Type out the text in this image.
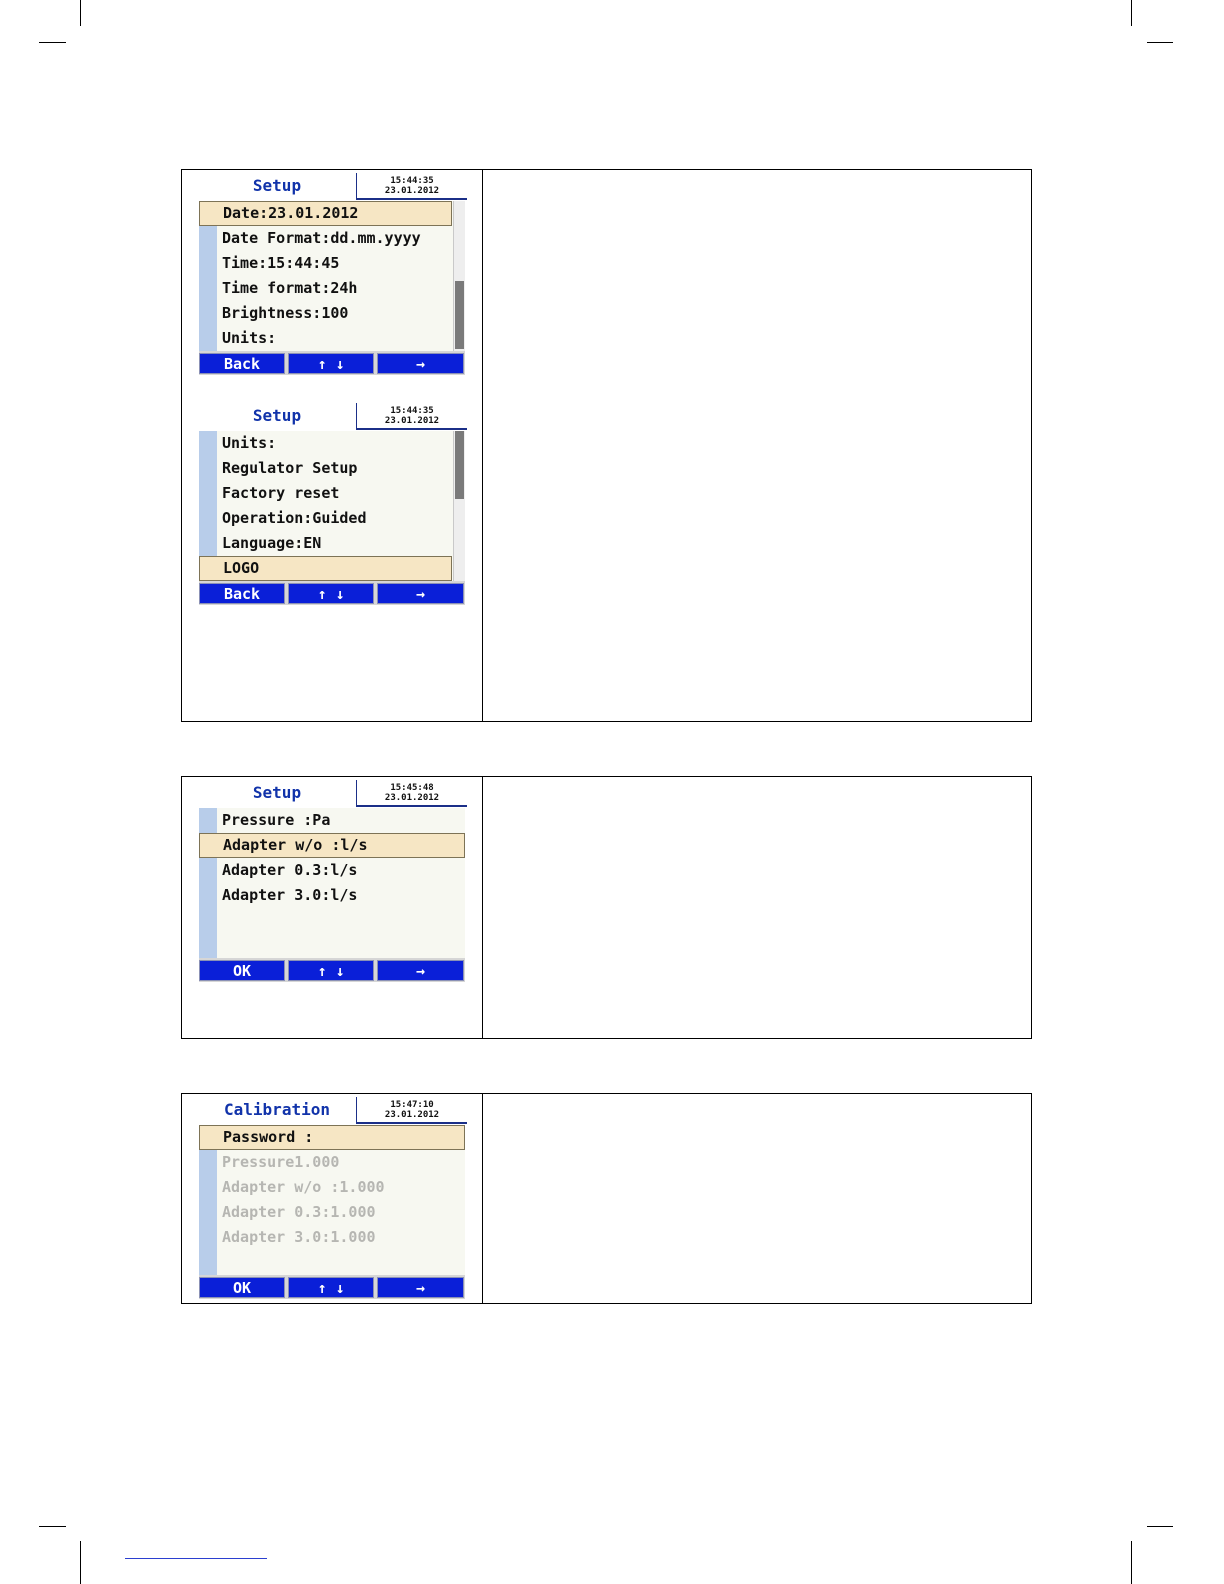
Setup	15:44:35
23.01.2012
Date:23.01.2012
Date Format:dd.mm.yyyy
Time:15:44:45
Time format:24h
Brightness:100
Units:
Back	↑ ↓	→
Setup	15:44:35
23.01.2012
Units:
Regulator Setup
Factory reset
Operation:Guided
Language:EN
LOGO
Back	↑ ↓	→
Setup	15:45:48
23.01.2012
Pressure :Pa
Adapter w/o :l/s
Adapter 0.3:l/s
Adapter 3.0:l/s
OK	↑ ↓	→
Calibration	15:47:10
23.01.2012
Password :
Pressure1.000
Adapter w/o :1.000
Adapter 0.3:1.000
Adapter 3.0:1.000
OK	↑ ↓	→
